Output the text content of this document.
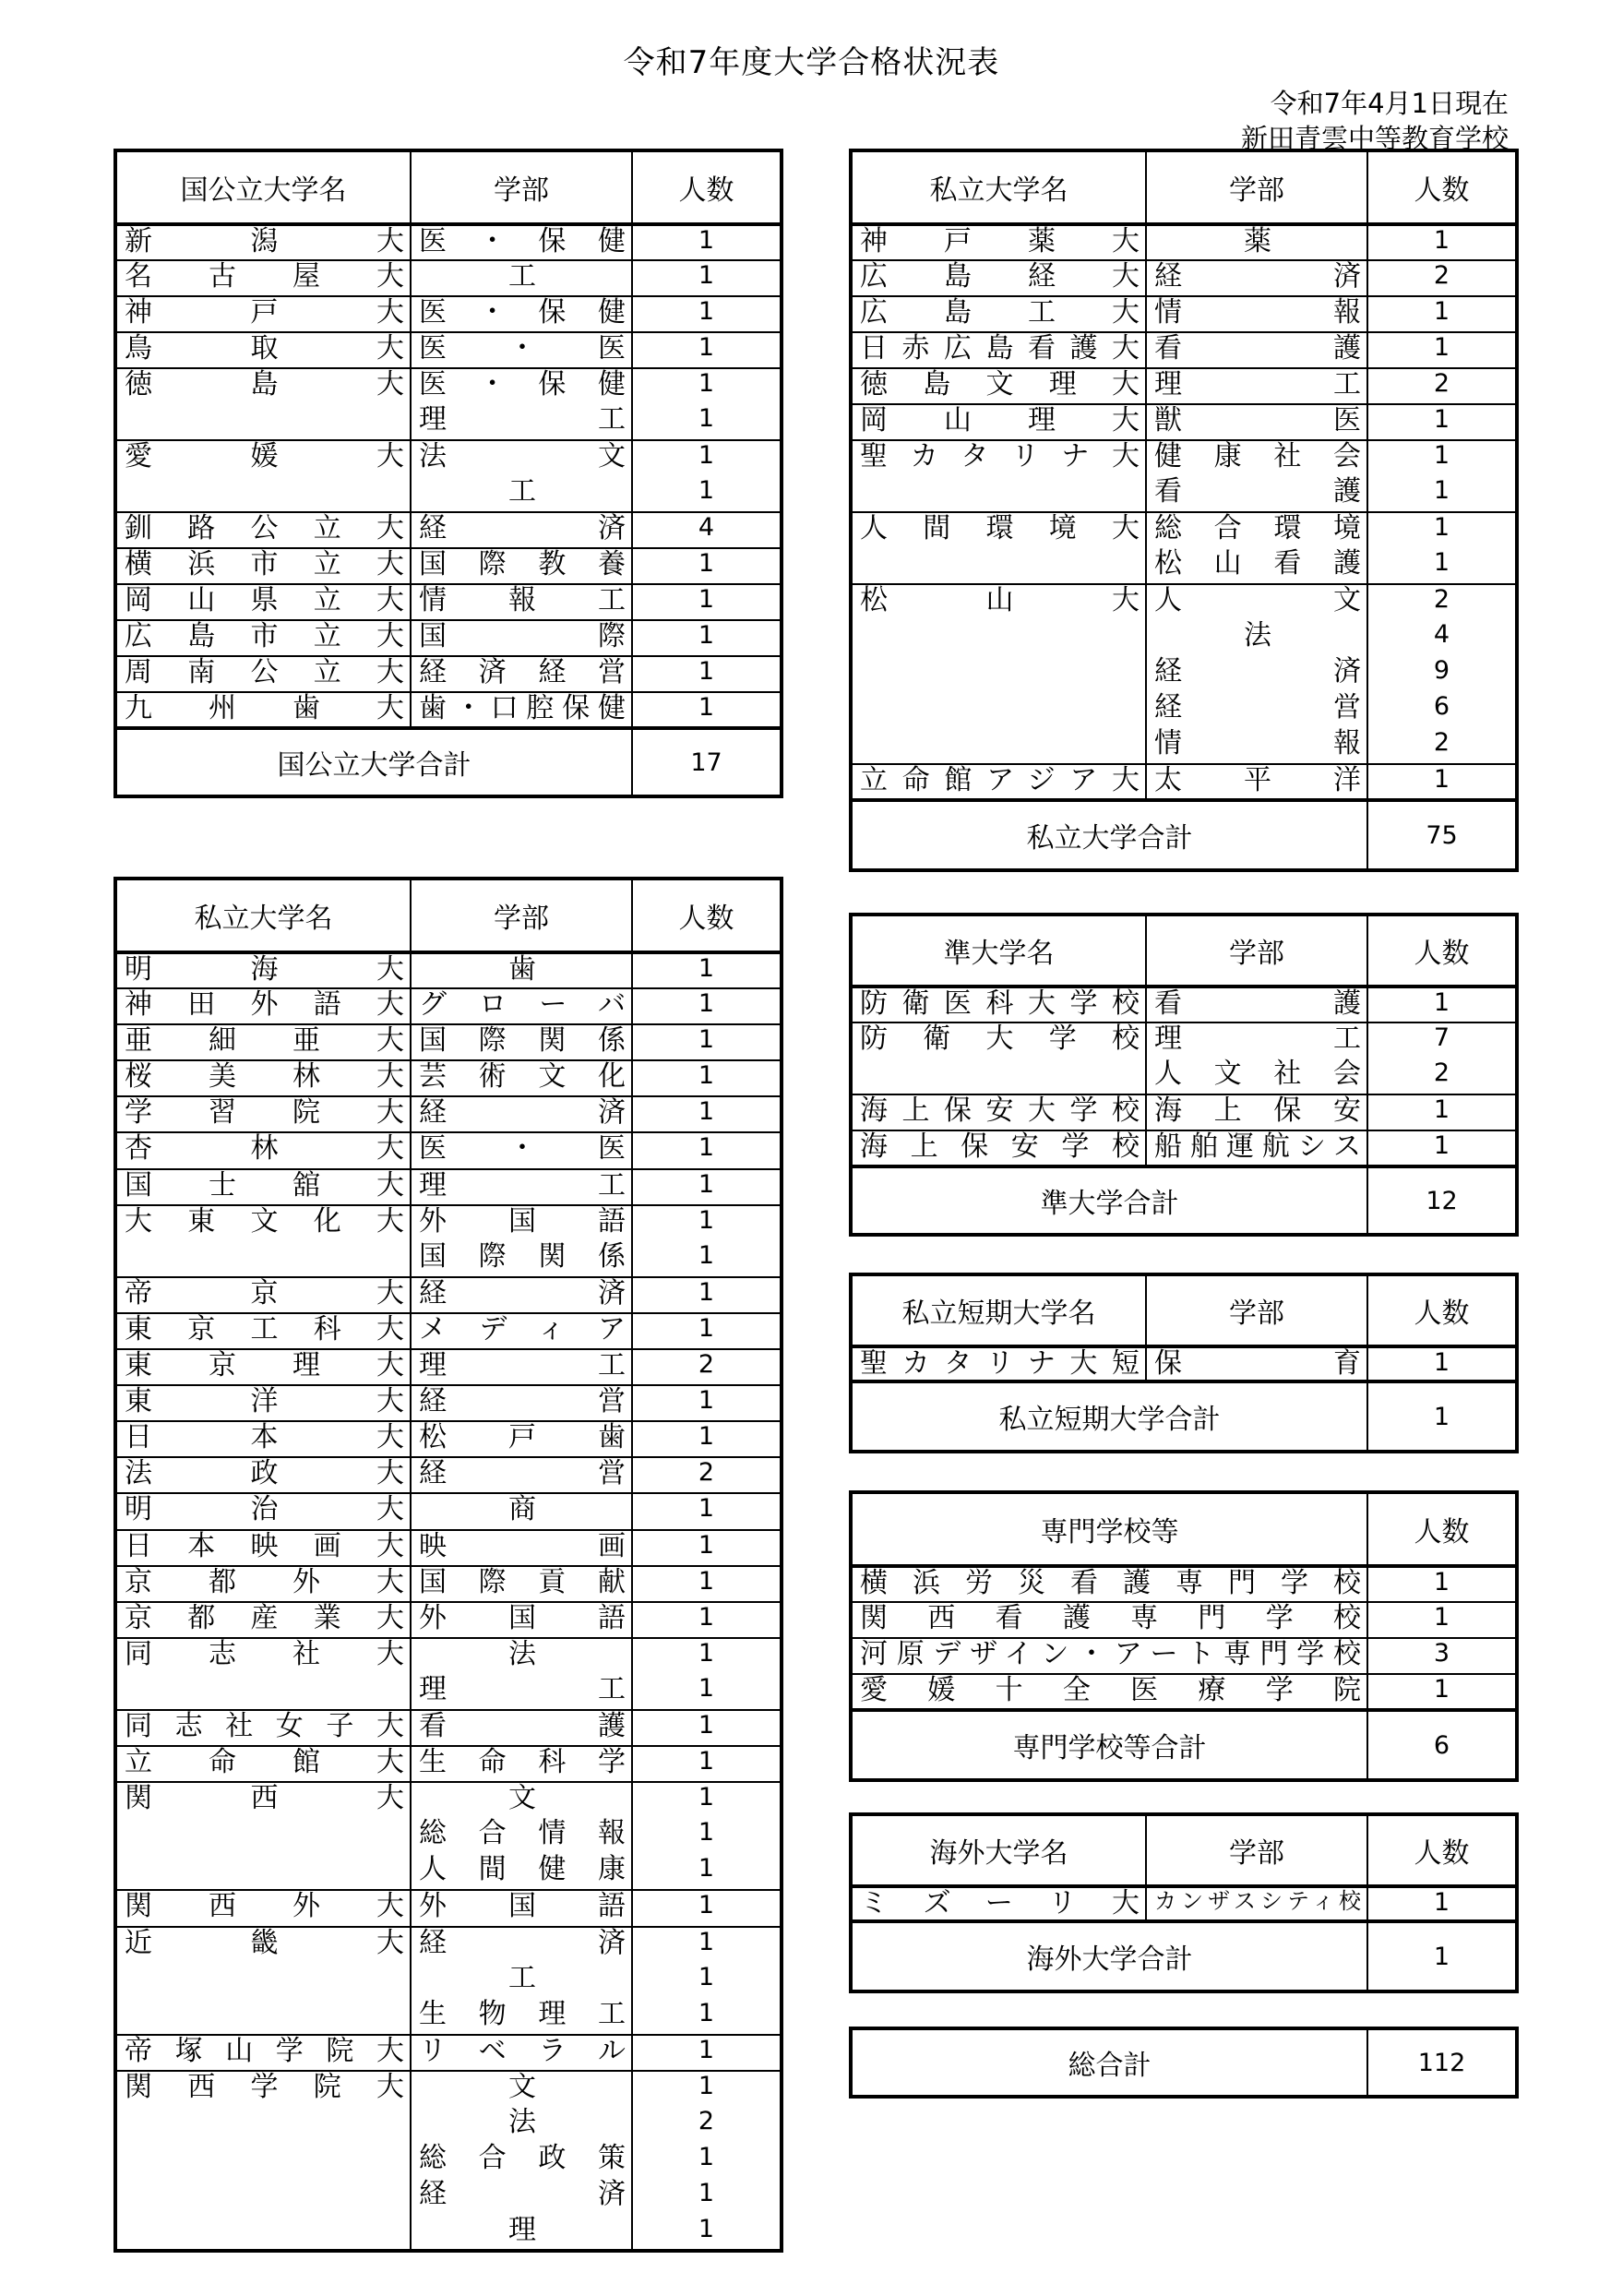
令和7年度大学合格状況表
令和7年4月1日現在
新田青雲中等教育学校
国公立大学名	学部	人数

新　潟　大	医・保健	1

名古屋大	工	1

神　戸　大	医・保健	1

鳥　取　大	医・医	1

徳　島　大	医・保健	1

	理工	1

愛　媛　大	法文	1

	工	1

釧路公立大	経済	4

横浜市立大	国際教養	1

岡山県立大	情報工	1

広島市立大	国際	1

周南公立大	経済経営	1

九　州　歯　大	歯・口腔保健	1
国公立大学合計		17
私立大学名	学部	人数

明　海　大	歯	1

神田外語大	グローバ	1

亜細亜大	国際関係	1

桜美林大	芸術文化	1

学習院大	経済	1

杏　林　大	医・医	1

国士舘大	理工	1

大東文化大	外国語	1

	国際関係	1

帝　京　大	経済	1

東京工科大	メディア	1

東京理大	理工	2

東　洋　大	経営	1

日　本　大	松戸歯	1

法　政　大	経営	2

明　治　大	商	1

日本映画大	映画	1

京都外大	国際貢献	1

京都産業大	外国語	1

同志社大	法	1

	理工	1

同志社女子大	看護	1

立　命　館　大	生命科学	1

関　西　大	文	1

	総合情報	1

	人間健康	1

関西外大	外国語	1

近　畿　大	経済	1

	工	1

	生物理工	1

帝塚山学院大	リベラル	1

関西学院大	文	1

	法	2

	総合政策	1

	経済	1

	理	1
私立大学名	学部	人数

神戸薬大	薬	1

広島経大	経済	2

広島工大	情報	1

日赤広島看護大	看護	1

徳島文理大	理工	2

岡山理大	獣医	1

聖カタリナ大	健康社会	1

	看護	1

人間環境大	総合環境	1

	松山看護	1

松　山　大	人文	2

	法	4

	経済	9

	経営	6

	情報	2

立命館アジア大	太平洋	1
私立大学合計		75
準大学名	学部	人数

防衛医科大学校	看護	1

防衛大学校	理工	7

	人文社会	2

海上保安大学校	海上保安	1

海上保安学校	船舶運航シス	1
準大学合計		12
私立短期大学名	学部	人数

聖カタリナ大短	保育	1
私立短期大学合計		1
専門学校等	人数

横浜労災看護専門学校	1

関西看護専門学校	1

河原デザイン・アート専門学校	3

愛媛十全医療学院	1
専門学校等合計	6
海外大学名	学部	人数

ミズーリ大	カンザスシティ校	1
海外大学合計		1
総合計	112
